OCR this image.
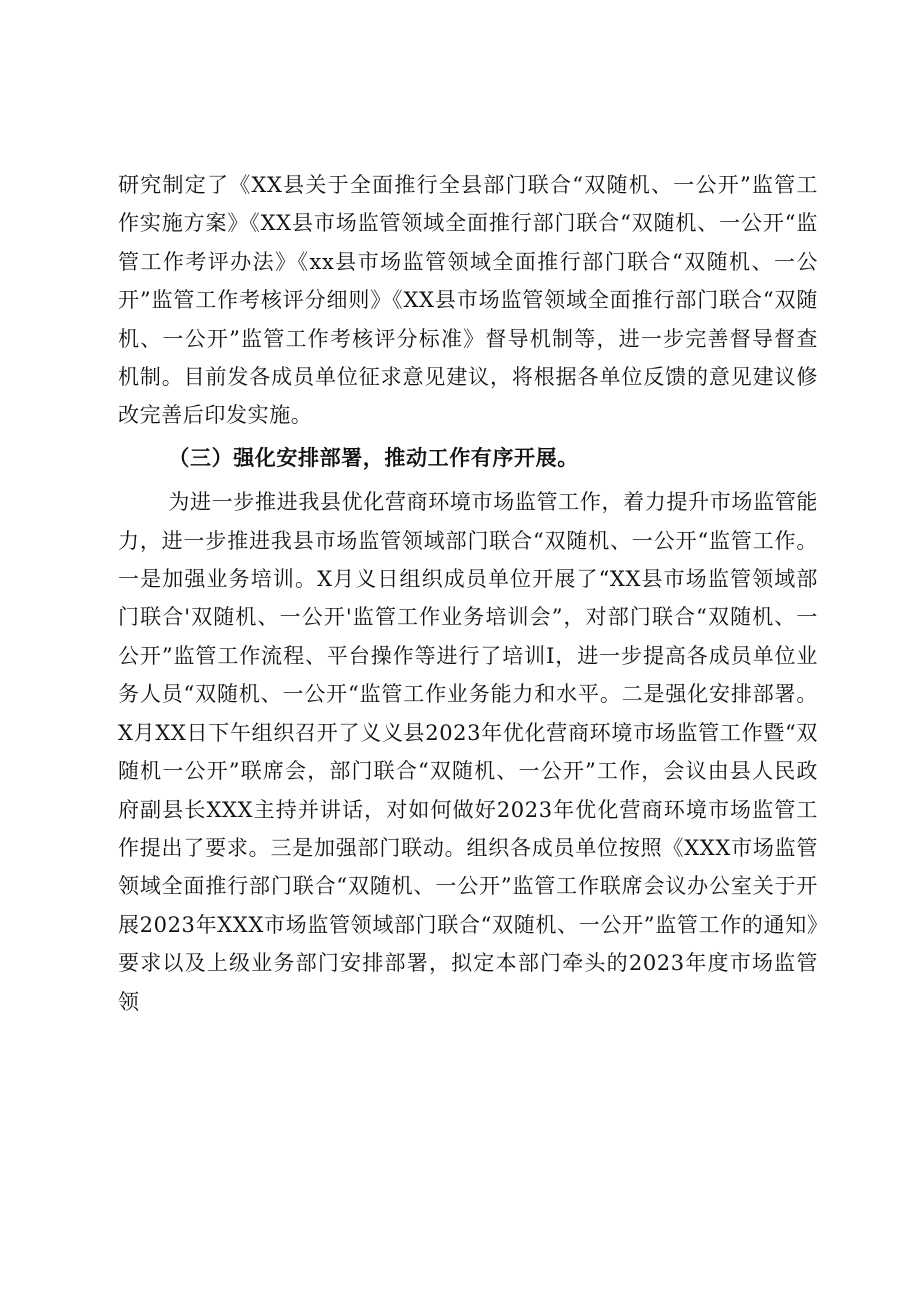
研究制定了《XX县关于全面推行全县部门联合“双随机、一公开”监管工作实施方案》《XX县市场监管领域全面推行部门联合“双随机、一公开“监管工作考评办法》《xx县市场监管领域全面推行部门联合“双随机、一公开”监管工作考核评分细则》《XX县市场监管领域全面推行部门联合“双随机、一公开”监管工作考核评分标准》督导机制等，进一步完善督导督查机制。目前发各成员单位征求意见建议，将根据各单位反馈的意见建议修改完善后印发实施。

（三）强化安排部署，推动工作有序开展。

为进一步推进我县优化营商环境市场监管工作，着力提升市场监管能力，进一步推进我县市场监管领域部门联合“双随机、一公开“监管工作。一是加强业务培训。X月义日组织成员单位开展了“XX县市场监管领域部门联合'双随机、一公开'监管工作业务培训会”，对部门联合“双随机、一公开”监管工作流程、平台操作等进行了培训I，进一步提高各成员单位业务人员“双随机、一公开“监管工作业务能力和水平。二是强化安排部署。X月XX日下午组织召开了义义县2023年优化营商环境市场监管工作暨“双随机一公开”联席会，部门联合“双随机、一公开”工作，会议由县人民政府副县长XXX主持并讲话，对如何做好2023年优化营商环境市场监管工作提出了要求。三是加强部门联动。组织各成员单位按照《XXX市场监管领域全面推行部门联合“双随机、一公开”监管工作联席会议办公室关于开展2023年XXX市场监管领域部门联合“双随机、一公开”监管工作的通知》要求以及上级业务部门安排部署，拟定本部门牵头的2023年度市场监管领
